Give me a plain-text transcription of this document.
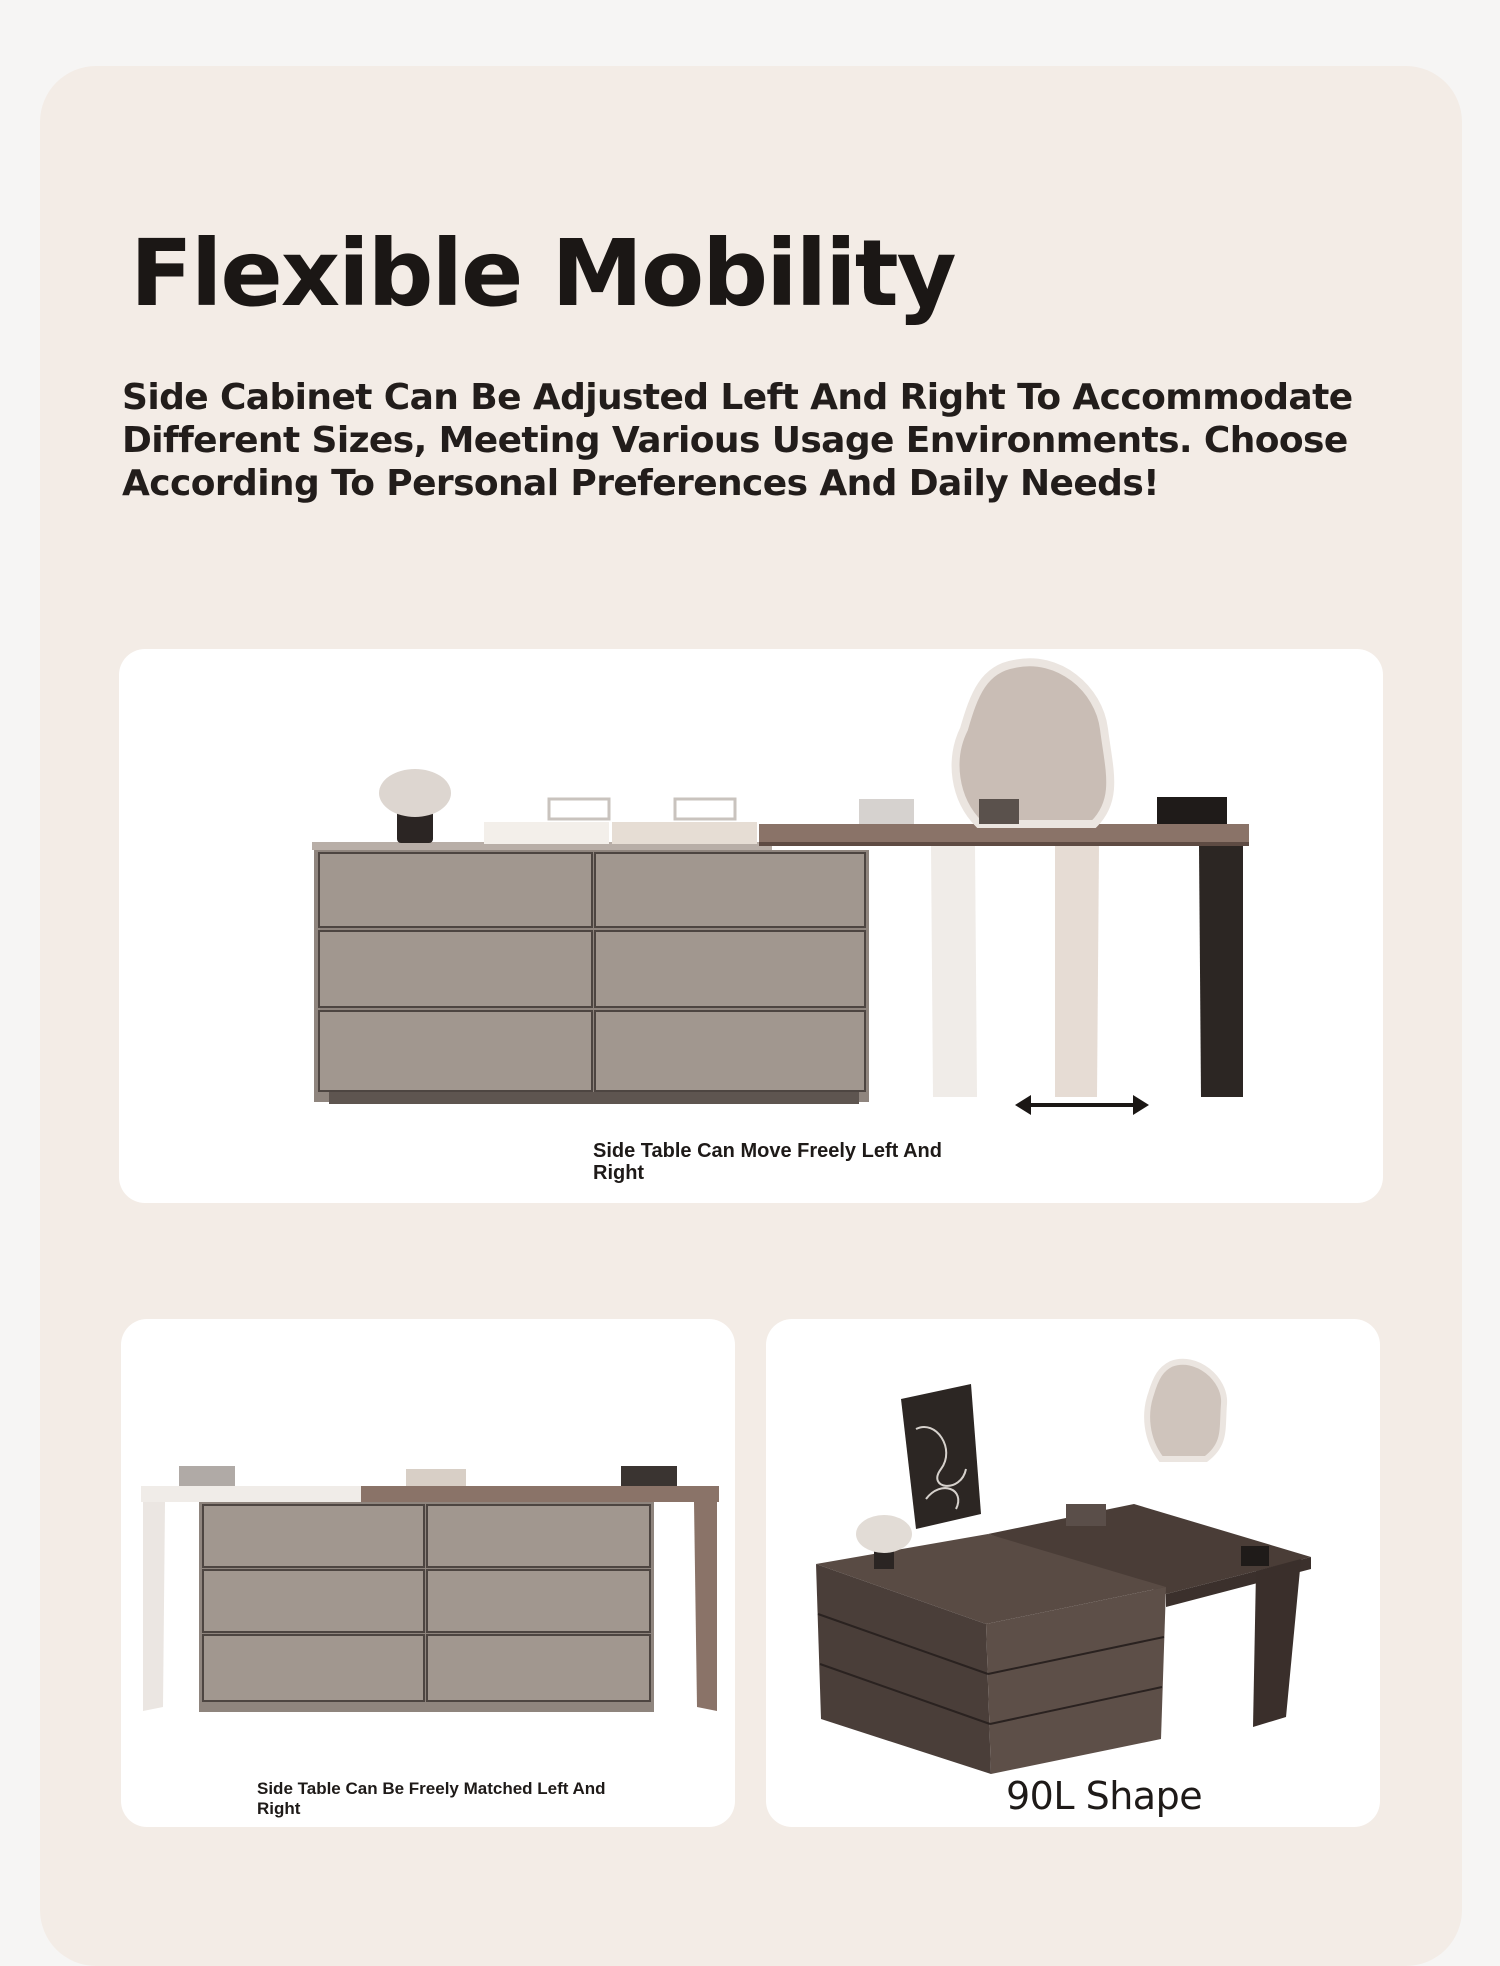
Flexible Mobility

Side Cabinet Can Be Adjusted Left And Right To Accommodate Different Sizes, Meeting Various Usage Environments. Choose According To Personal Preferences And Daily Needs!

Side Table Can Move Freely Left And Right

Side Table Can Be Freely Matched Left And Right	90L Shape
